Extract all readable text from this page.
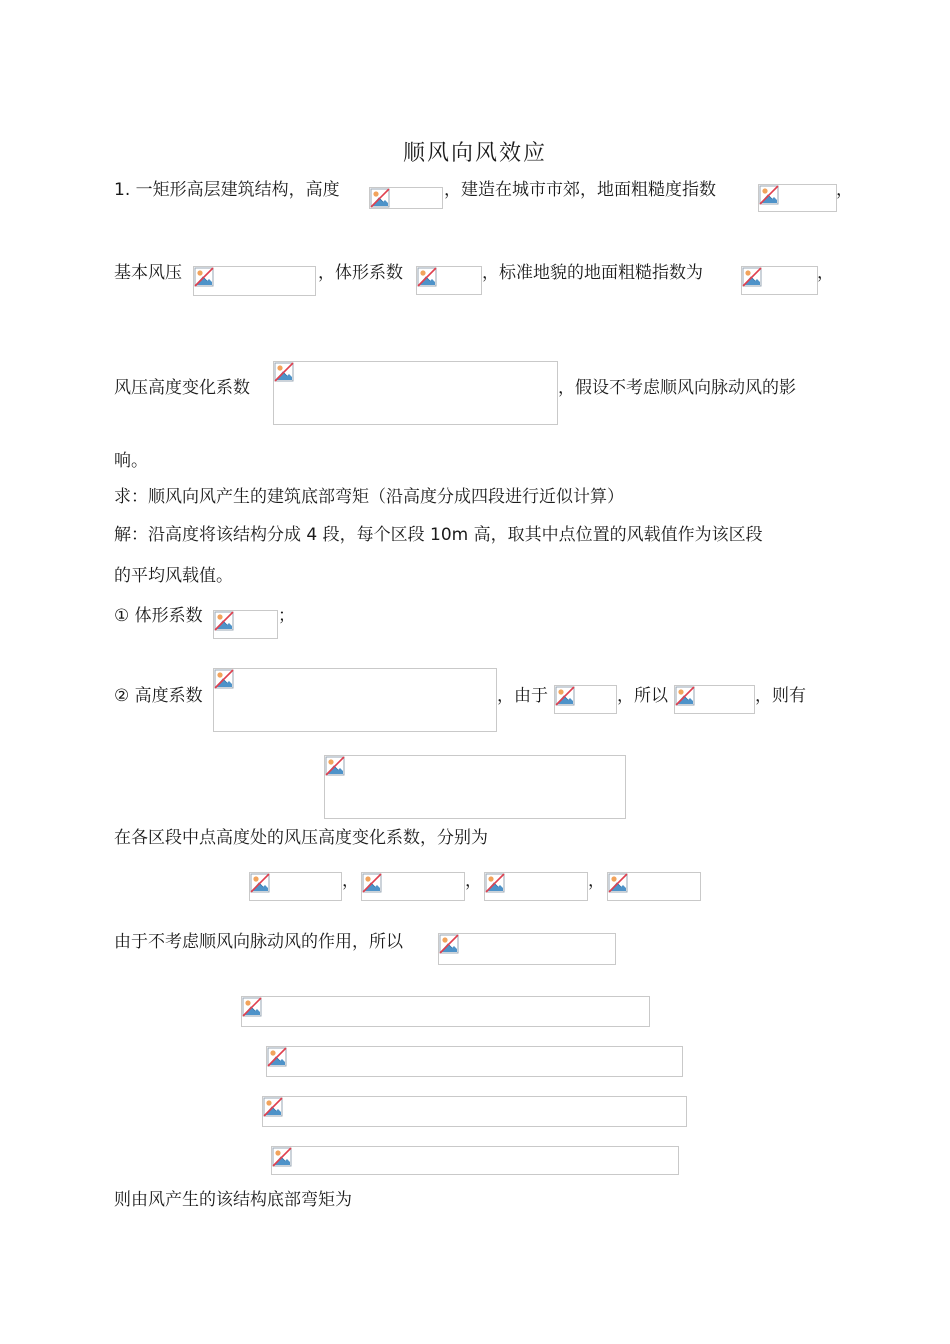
顺风向风效应
1. 一矩形高层建筑结构，高度	，建造在城市市郊，地面粗糙度指数	，
基本风压	，体形系数	，标准地貌的地面粗糙指数为	，
风压高度变化系数	，假设不考虑顺风向脉动风的影
响。
求：顺风向风产生的建筑底部弯矩（沿高度分成四段进行近似计算）
解：沿高度将该结构分成 4 段，每个区段 10m 高，取其中点位置的风载值作为该区段
的平均风载值。
① 体形系数	；
② 高度系数	，由于	，所以	，则有
在各区段中点高度处的风压高度变化系数，分别为
，	，	，
由于不考虑顺风向脉动风的作用，所以
则由风产生的该结构底部弯矩为
